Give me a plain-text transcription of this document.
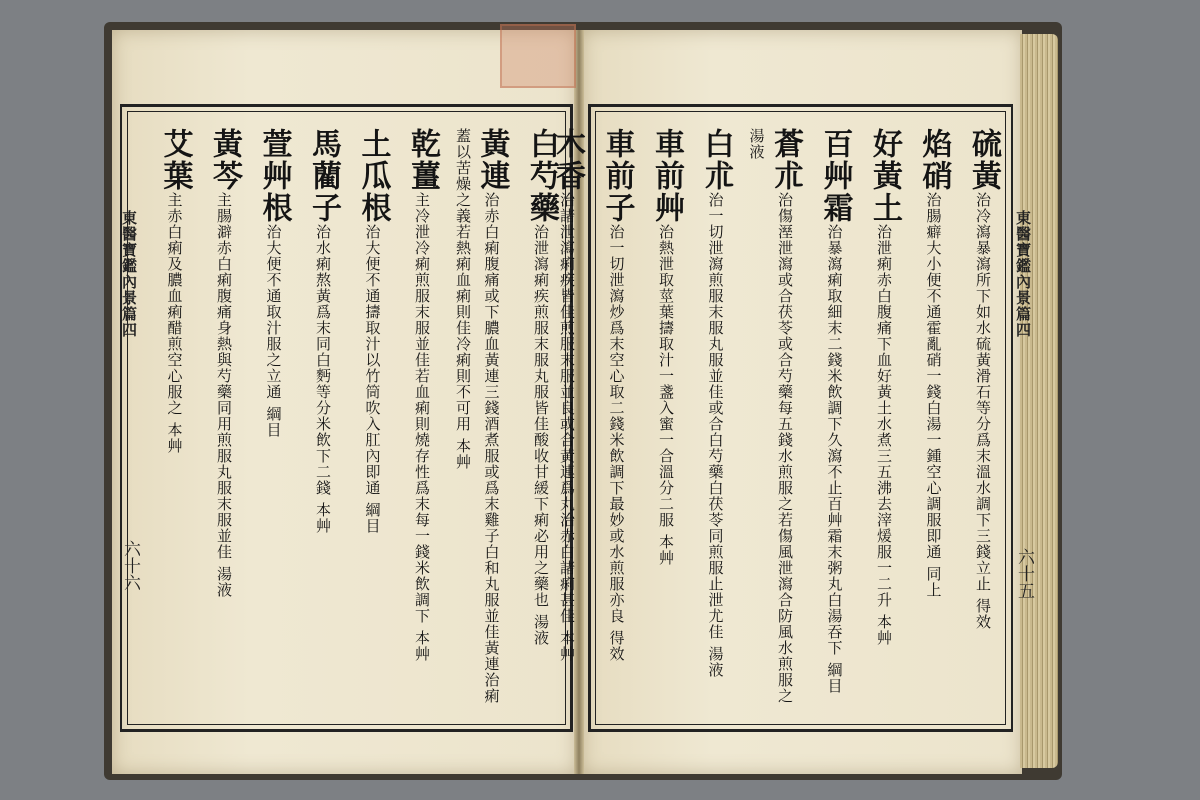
東醫寶鑑內景篇四	東醫寶鑑內景篇四
六十六	六十五
硫黃治冷瀉暴瀉所下如水硫黃滑石等分爲末溫水調下三錢立止 得效
焰硝治腸癖大小便不通霍亂硝一錢白湯一鍾空心調服即通 同上
好黃土治泄痢赤白腹痛下血好黃土水煮三五沸去滓煖服一二升 本艸
百艸霜治暴瀉痢取細末二錢米飲調下久瀉不止百艸霜末粥丸白湯吞下 綱目
蒼朮治傷溼泄瀉或合茯苓或合芍藥每五錢水煎服之若傷風泄瀉合防風水煎服之 湯液
白朮治一切泄瀉煎服末服丸服並佳或合白芍藥白茯苓同煎服止泄尤佳 湯液
車前艸治熱泄取莖葉擣取汁一盞入蜜一合溫分二服 本艸
車前子治一切泄瀉炒爲末空心取二錢米飲調下最妙或水煎服亦良 得效
木香治諸泄瀉痢疾皆佳煎服末服並良或合黃連爲丸治赤白諸痢甚佳 本艸
白芍藥治泄瀉痢疾煎服末服丸服皆佳酸收甘緩下痢必用之藥也 湯液
黃連治赤白痢腹痛或下膿血黃連三錢酒煮服或爲末雞子白和丸服並佳黃連治痢蓋以苦燥之義若熱痢血痢則佳冷痢則不可用 本艸
乾薑主冷泄冷痢煎服末服並佳若血痢則燒存性爲末每一錢米飲調下 本艸
土瓜根治大便不通擣取汁以竹筒吹入肛內即通 綱目
馬藺子治水痢熬黃爲末同白麪等分米飲下二錢 本艸
萱艸根治大便不通取汁服之立通 綱目
黃芩主腸澼赤白痢腹痛身熱與芍藥同用煎服丸服末服並佳 湯液
艾葉主赤白痢及膿血痢醋煎空心服之 本艸
